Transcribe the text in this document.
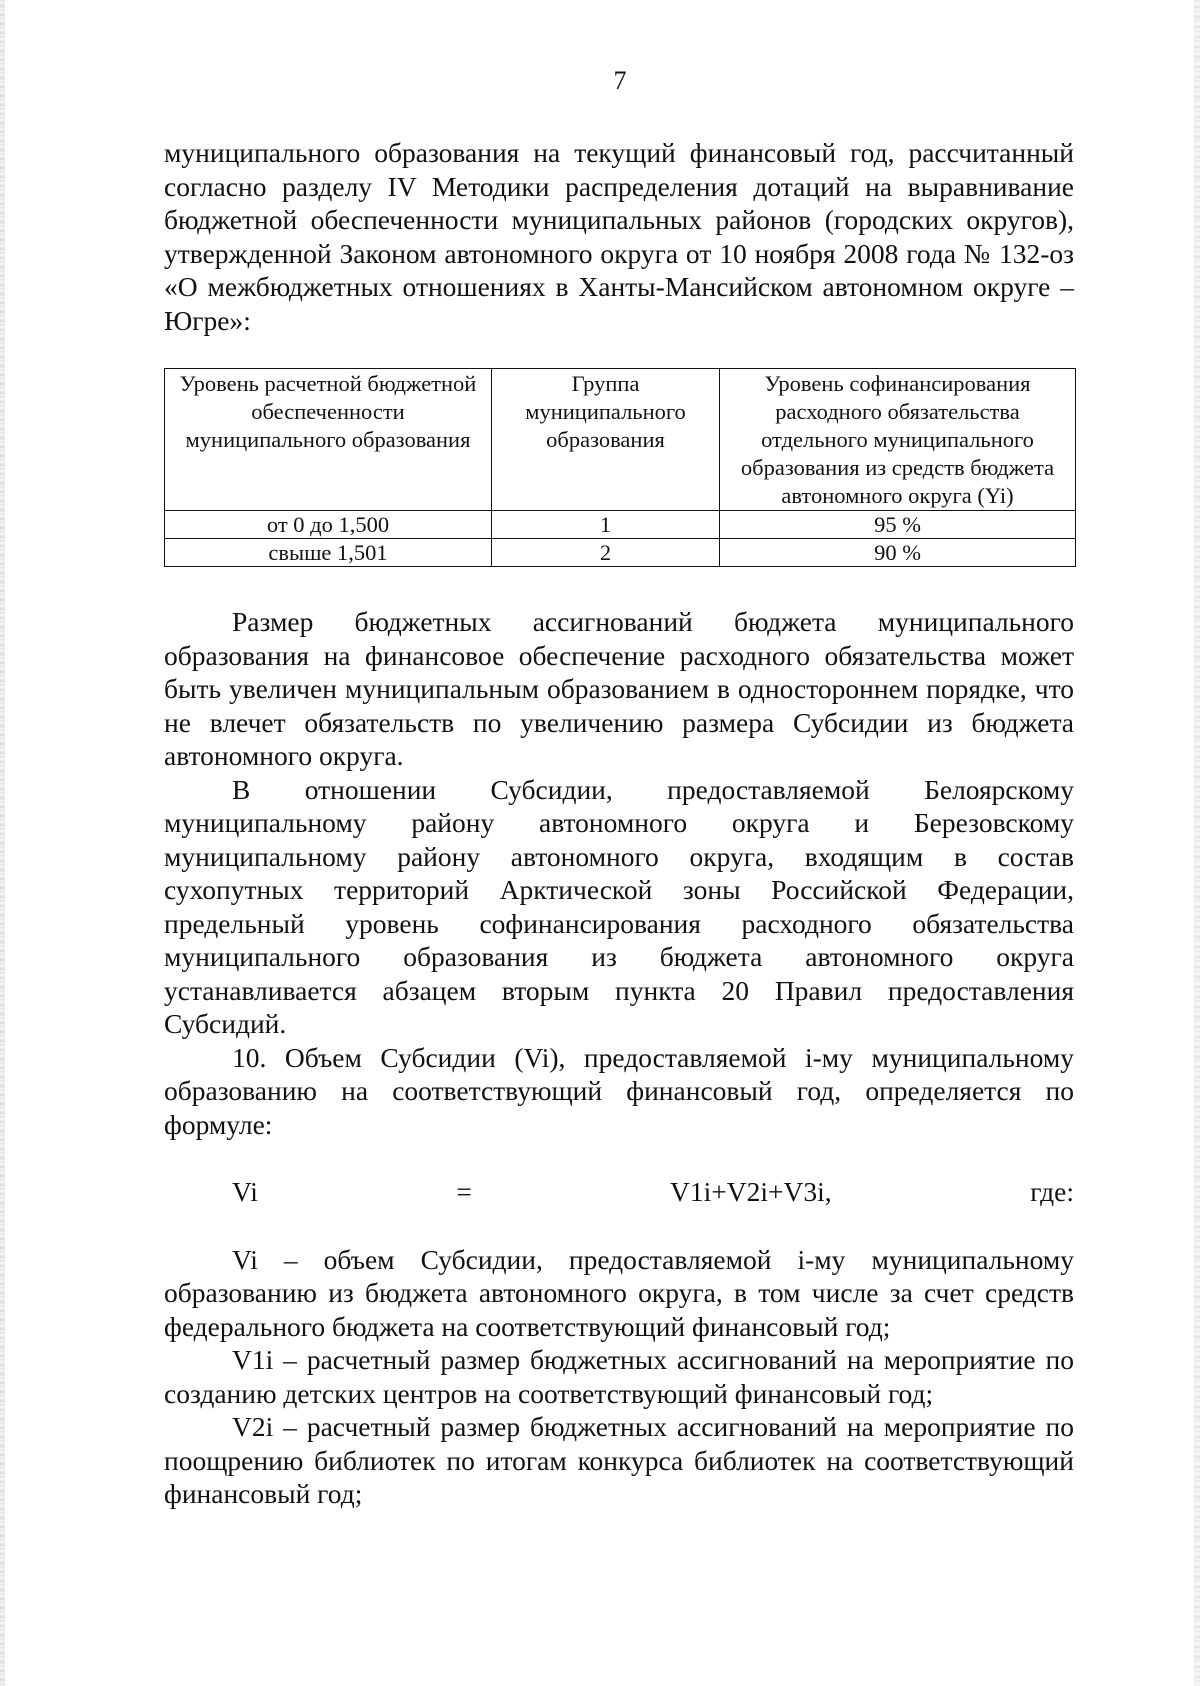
7

муниципального образования на текущий финансовый год, рассчитанный согласно разделу IV Методики распределения дотаций на выравнивание бюджетной обеспеченности муниципальных районов (городских округов), утвержденной Законом автономного округа от 10 ноября 2008 года № 132-оз «О межбюджетных отношениях в Ханты-Мансийском автономном округе – Югре»:

Уровень расчетной бюджетной обеспеченности муниципального образования	Группа муниципального образования	Уровень софинансирования расходного обязательства отдельного муниципального образования из средств бюджета автономного округа (Yi)
от 0 до 1,500	1	95 %
свыше 1,501	2	90 %

Размер бюджетных ассигнований бюджета муниципального образования на финансовое обеспечение расходного обязательства может быть увеличен муниципальным образованием в одностороннем порядке, что не влечет обязательств по увеличению размера Субсидии из бюджета автономного округа.

В отношении Субсидии, предоставляемой Белоярскому муниципальному району автономного округа и Березовскому муниципальному району автономного округа, входящим в состав сухопутных территорий Арктической зоны Российской Федерации, предельный уровень софинансирования расходного обязательства муниципального образования из бюджета автономного округа устанавливается абзацем вторым пункта 20 Правил предоставления Субсидий.

10. Объем Субсидии (Vi), предоставляемой i-му муниципальному образованию на соответствующий финансовый год, определяется по формуле:

Vi = V1i+V2i+V3i, где:

Vi – объем Субсидии, предоставляемой i-му муниципальному образованию из бюджета автономного округа, в том числе за счет средств федерального бюджета на соответствующий финансовый год;

V1i – расчетный размер бюджетных ассигнований на мероприятие по созданию детских центров на соответствующий финансовый год;

V2i – расчетный размер бюджетных ассигнований на мероприятие по поощрению библиотек по итогам конкурса библиотек на соответствующий финансовый год;
